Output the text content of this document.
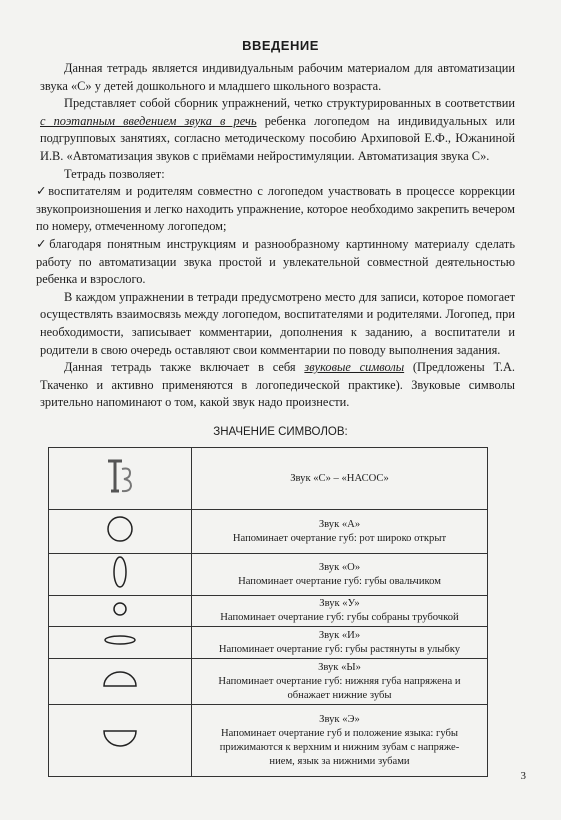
ВВЕДЕНИЕ

Данная тетрадь является индивидуальным рабочим материалом для автоматизации звука «С» у детей дошкольного и младшего школьного возраста.

Представляет собой сборник упражнений, четко структурированных в соответствии с поэтапным введением звука в речь ребенка логопедом на индивидуальных или подгрупповых занятиях, согласно методическому пособию Архиповой Е.Ф., Южаниной И.В. «Автоматизация звуков с приёмами нейростимуляции. Автоматизация звука С».

Тетрадь позволяет:

✓воспитателям и родителям совместно с логопедом участвовать в процессе коррекции звукопроизношения и легко находить упражнение, которое необходимо закрепить вечером по номеру, отмеченному логопедом;

✓благодаря понятным инструкциям и разнообразному картинному материалу сделать работу по автоматизации звука простой и увлекательной совместной деятельностью ребенка и взрослого.

В каждом упражнении в тетради предусмотрено место для записи, которое помогает осуществлять взаимосвязь между логопедом, воспитателями и родителями. Логопед, при необходимости, записывает комментарии, дополнения к заданию, а воспитатели и родители в свою очередь оставляют свои комментарии по поводу выполнения задания.

Данная тетрадь также включает в себя звуковые символы (Предложены Т.А. Ткаченко и активно применяются в логопедической практике). Звуковые символы зрительно напоминают о том, какой звук надо произнести.

ЗНАЧЕНИЕ СИМВОЛОВ:

Звук «С» – «НАСОС»

Звук «А»
Напоминает очертание губ: рот широко открыт

Звук «О»
Напоминает очертание губ: губы овальчиком

Звук «У»
Напоминает очертание губ: губы собраны трубочкой

Звук «И»
Напоминает очертание губ: губы растянуты в улыбку

Звук «Ы»
Напоминает очертание губ: нижняя губа напряжена и
обнажает нижние зубы

Звук «Э»
Напоминает очертание губ и положение языка: губы
прижимаются к верхним и нижним зубам с напряже-
нием, язык за нижними зубами
3
